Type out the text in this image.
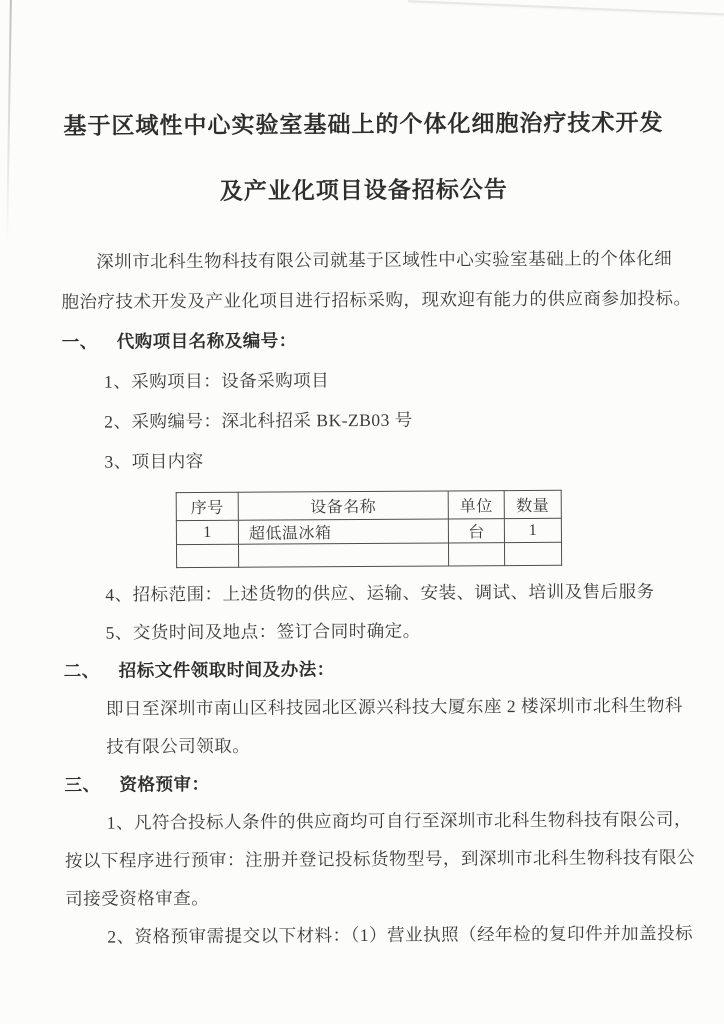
基于区域性中心实验室基础上的个体化细胞治疗技术开发
及产业化项目设备招标公告
深圳市北科生物科技有限公司就基于区域性中心实验室基础上的个体化细
胞治疗技术开发及产业化项目进行招标采购，现欢迎有能力的供应商参加投标。
一、	代购项目名称及编号：
1、采购项目：设备采购项目
2、采购编号：深北科招采 BK-ZB03 号
3、项目内容
序号	设备名称	单位	数量
1	超低温冰箱	台	1

4、招标范围：上述货物的供应、运输、安装、调试、培训及售后服务
5、交货时间及地点：签订合同时确定。
二、	招标文件领取时间及办法：
即日至深圳市南山区科技园北区源兴科技大厦东座 2 楼深圳市北科生物科
技有限公司领取。
三、	资格预审：
1、凡符合投标人条件的供应商均可自行至深圳市北科生物科技有限公司，
按以下程序进行预审：注册并登记投标货物型号，到深圳市北科生物科技有限公
司接受资格审查。
2、资格预审需提交以下材料：（1）营业执照（经年检的复印件并加盖投标
